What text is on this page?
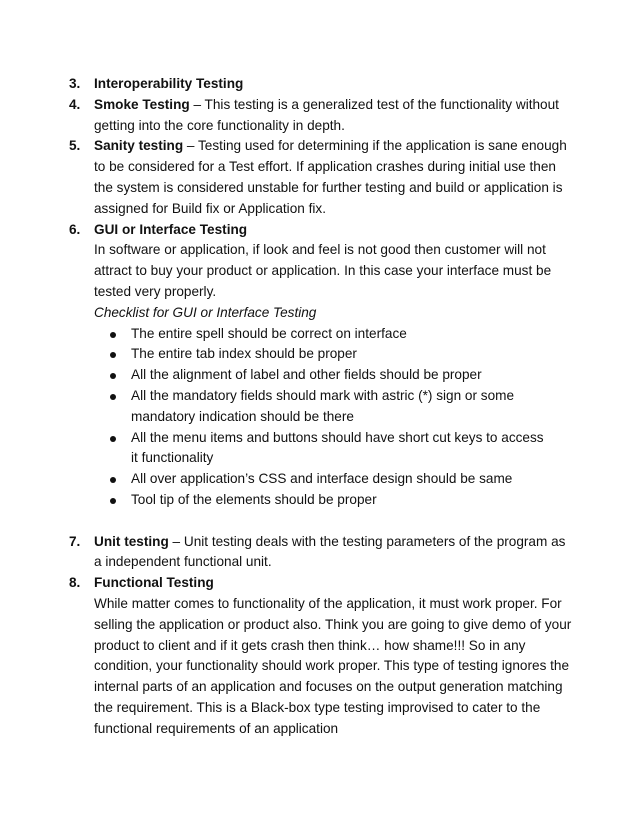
3. Interoperability Testing
4. Smoke Testing – This testing is a generalized test of the functionality without getting into the core functionality in depth.
5. Sanity testing – Testing used for determining if the application is sane enough to be considered for a Test effort. If application crashes during initial use then the system is considered unstable for further testing and build or application is assigned for Build fix or Application fix.
6. GUI or Interface Testing

In software or application, if look and feel is not good then customer will not attract to buy your product or application. In this case your interface must be tested very properly.

Checklist for GUI or Interface Testing
The entire spell should be correct on interface
The entire tab index should be proper
All the alignment of label and other fields should be proper
All the mandatory fields should mark with astric (*) sign or some mandatory indication should be there
All the menu items and buttons should have short cut keys to access it functionality
All over application’s CSS and interface design should be same
Tool tip of the elements should be proper
7. Unit testing – Unit testing deals with the testing parameters of the program as a independent functional unit.
8. Functional Testing

While matter comes to functionality of the application, it must work proper. For selling the application or product also. Think you are going to give demo of your product to client and if it gets crash then think… how shame!!! So in any condition, your functionality should work proper. This type of testing ignores the internal parts of an application and focuses on the output generation matching the requirement. This is a Black-box type testing improvised to cater to the functional requirements of an application
